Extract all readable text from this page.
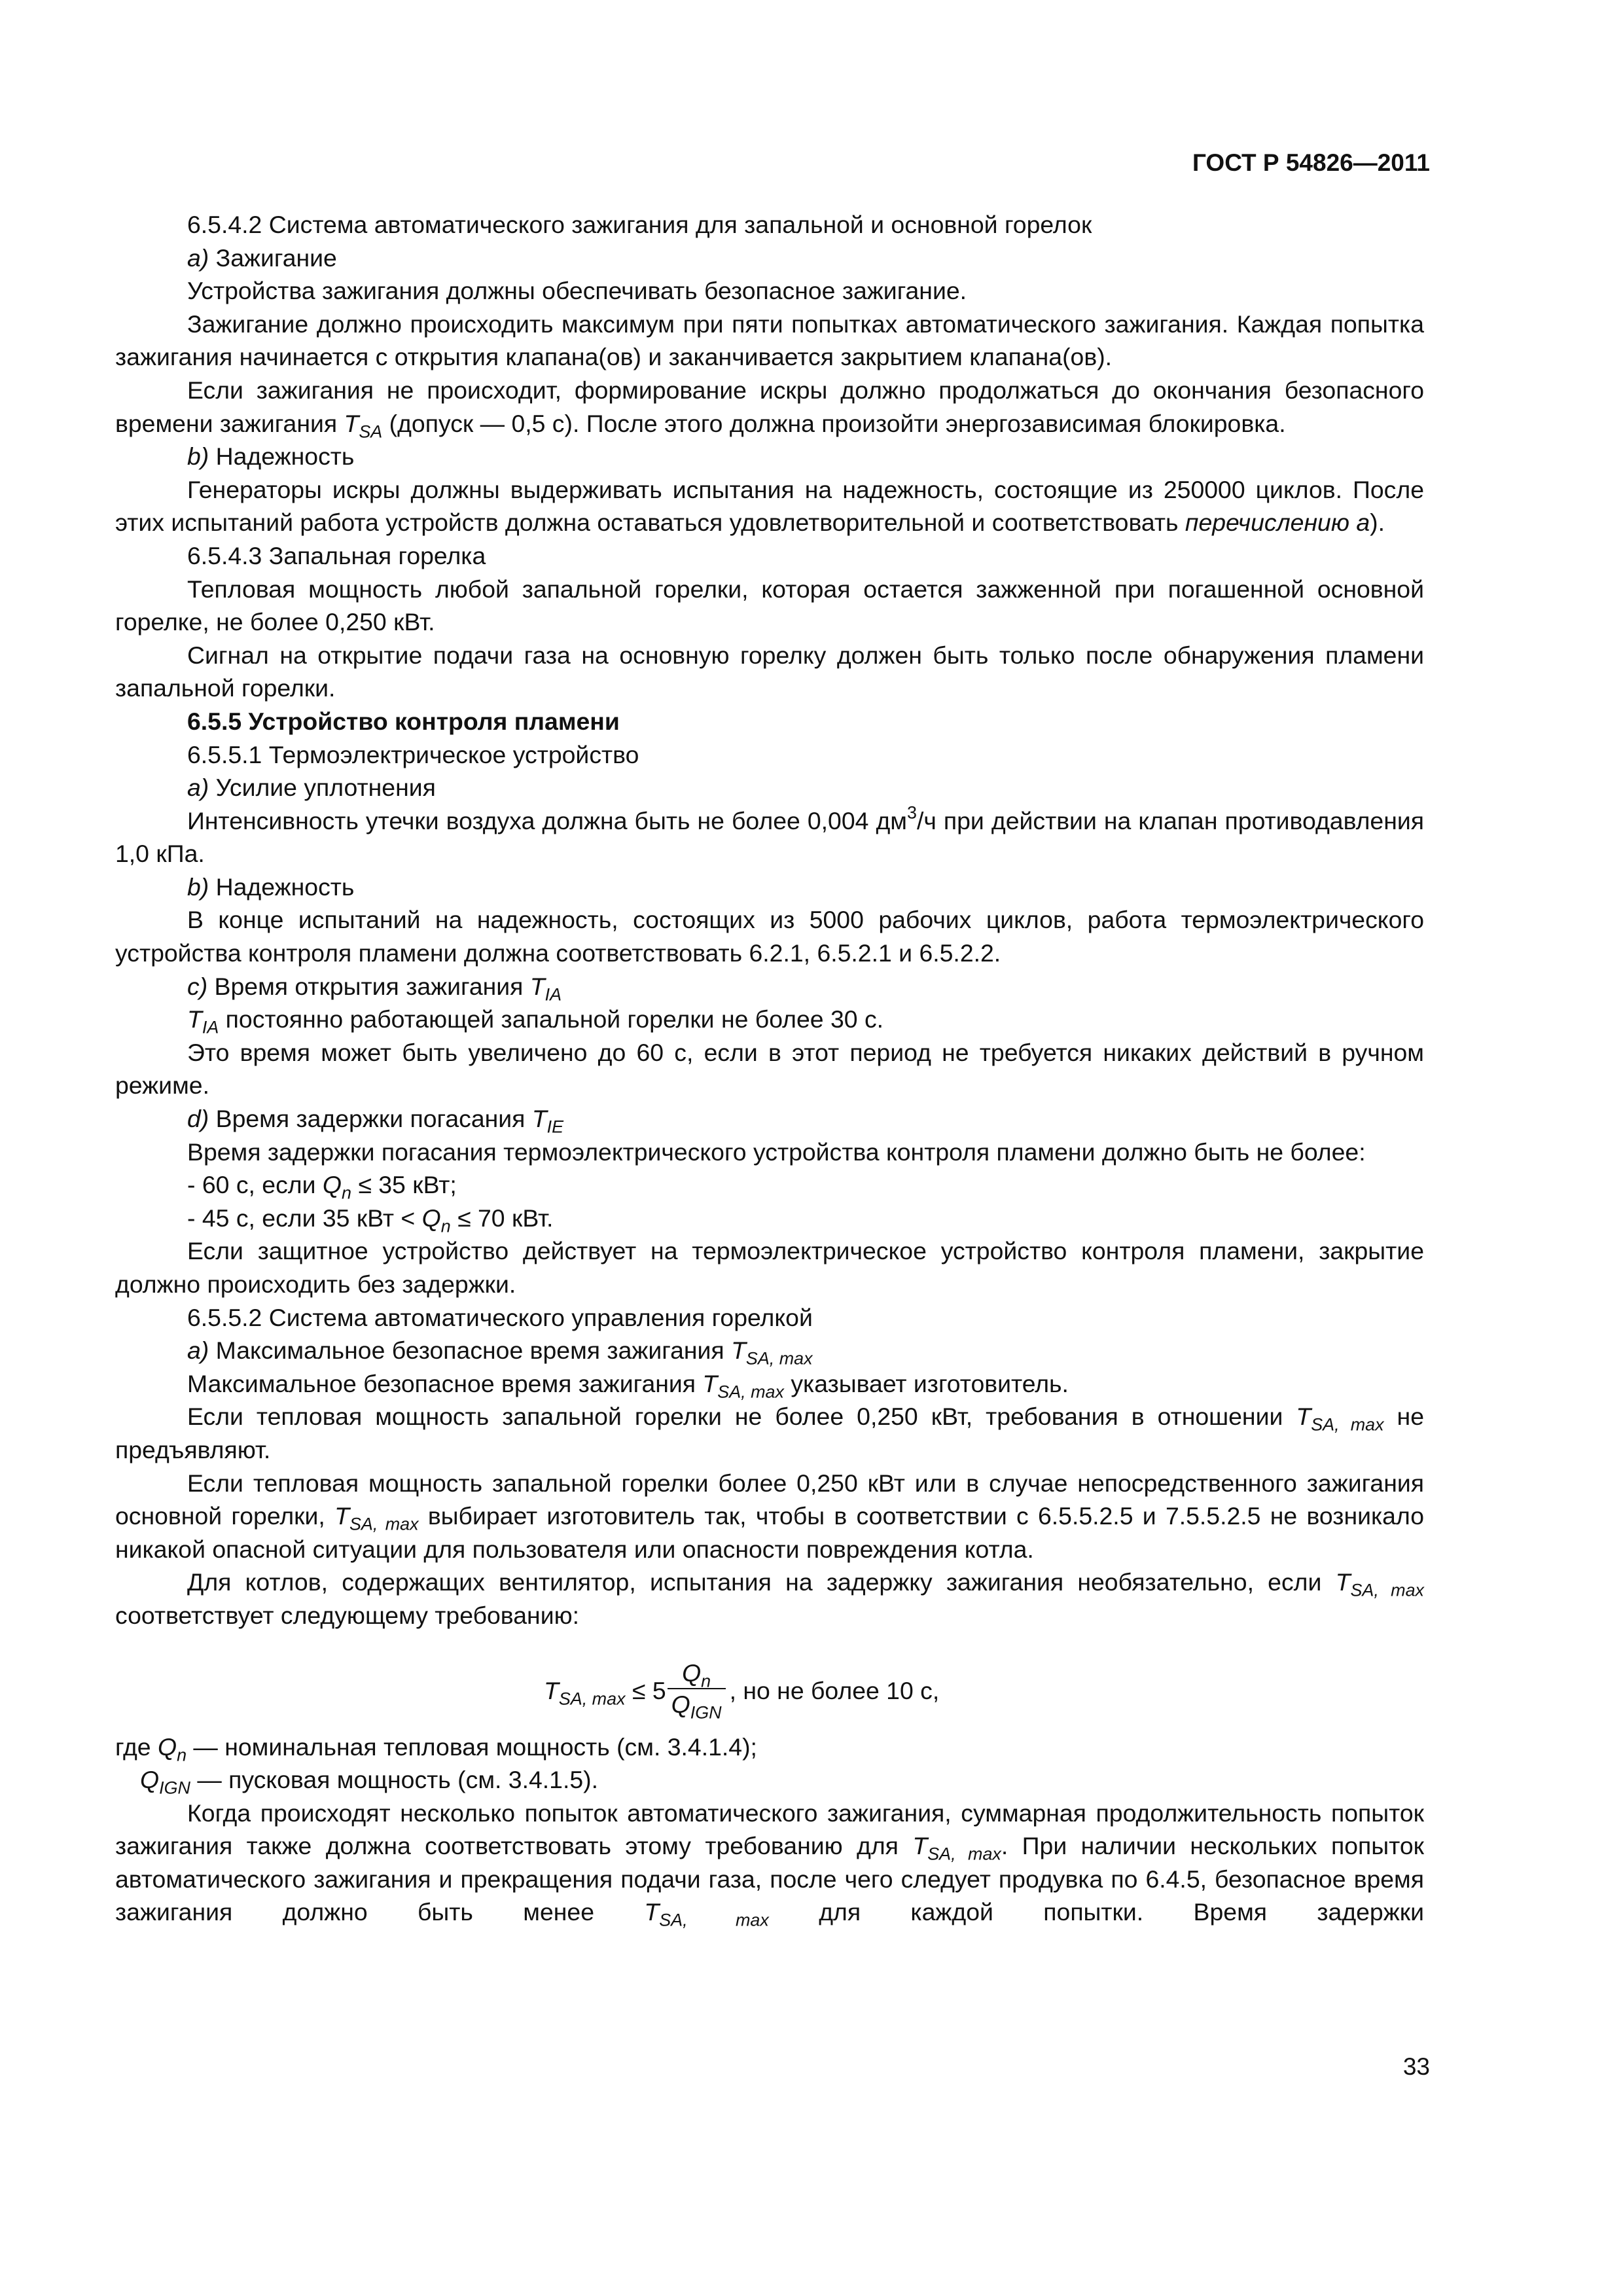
ГОСТ Р 54826—2011

6.5.4.2 Система автоматического зажигания для запальной и основной горелок

а) Зажигание

Устройства зажигания должны обеспечивать безопасное зажигание.

Зажигание должно происходить максимум при пяти попытках автоматического зажигания. Каждая попытка зажигания начинается с открытия клапана(ов) и заканчивается закрытием клапана(ов).

Если зажигания не происходит, формирование искры должно продолжаться до окончания безопасного времени зажигания $T_{SA}$ (допуск — 0,5 с). После этого должна произойти энергозависимая блокировка.

b) Надежность

Генераторы искры должны выдерживать испытания на надежность, состоящие из 250000 циклов. После этих испытаний работа устройств должна оставаться удовлетворительной и соответствовать перечислению а).

6.5.4.3 Запальная горелка

Тепловая мощность любой запальной горелки, которая остается зажженной при погашенной основной горелке, не более 0,250 кВт.

Сигнал на открытие подачи газа на основную горелку должен быть только после обнаружения пламени запальной горелки.

6.5.5 Устройство контроля пламени

6.5.5.1 Термоэлектрическое устройство

а) Усилие уплотнения

Интенсивность утечки воздуха должна быть не более 0,004 $дм^3/ч$ при действии на клапан противодавления 1,0 кПа.

b) Надежность

В конце испытаний на надежность, состоящих из 5000 рабочих циклов, работа термоэлектрического устройства контроля пламени должна соответствовать 6.2.1, 6.5.2.1 и 6.5.2.2.

c) Время открытия зажигания $T_{IA}$

$T_{IA}$ постоянно работающей запальной горелки не более 30 с.

Это время может быть увеличено до 60 с, если в этот период не требуется никаких действий в ручном режиме.

d) Время задержки погасания $T_{IE}$

Время задержки погасания термоэлектрического устройства контроля пламени должно быть не более:

- 60 с, если $Q_n \le 35$ кВт;

- 45 с, если 35 кВт < $Q_n \le 70$ кВт.

Если защитное устройство действует на термоэлектрическое устройство контроля пламени, закрытие должно происходить без задержки.

6.5.5.2 Система автоматического управления горелкой

а) Максимальное безопасное время зажигания $T_{SA, max}$

Максимальное безопасное время зажигания $T_{SA, max}$ указывает изготовитель.

Если тепловая мощность запальной горелки не более 0,250 кВт, требования в отношении $T_{SA, max}$ не предъявляют.

Если тепловая мощность запальной горелки более 0,250 кВт или в случае непосредственного зажигания основной горелки, $T_{SA, max}$ выбирает изготовитель так, чтобы в соответствии с 6.5.5.2.5 и 7.5.5.2.5 не возникало никакой опасной ситуации для пользователя или опасности повреждения котла.

Для котлов, содержащих вентилятор, испытания на задержку зажигания необязательно, если $T_{SA, max}$ соответствует следующему требованию:

$T_{SA, max} \le 5 \frac{Q_n}{Q_{IGN}}$ , но не более 10 с,
где $Q_n$ — номинальная тепловая мощность (см. 3.4.1.4);
$Q_{IGN}$ — пусковая мощность (см. 3.4.1.5).

Когда происходят несколько попыток автоматического зажигания, суммарная продолжительность попыток зажигания также должна соответствовать этому требованию для $T_{SA, max}$. При наличии нескольких попыток автоматического зажигания и прекращения подачи газа, после чего следует продувка по 6.4.5, безопасное время зажигания должно быть менее $T_{SA, max}$ для каждой попытки. Время задержки

33
